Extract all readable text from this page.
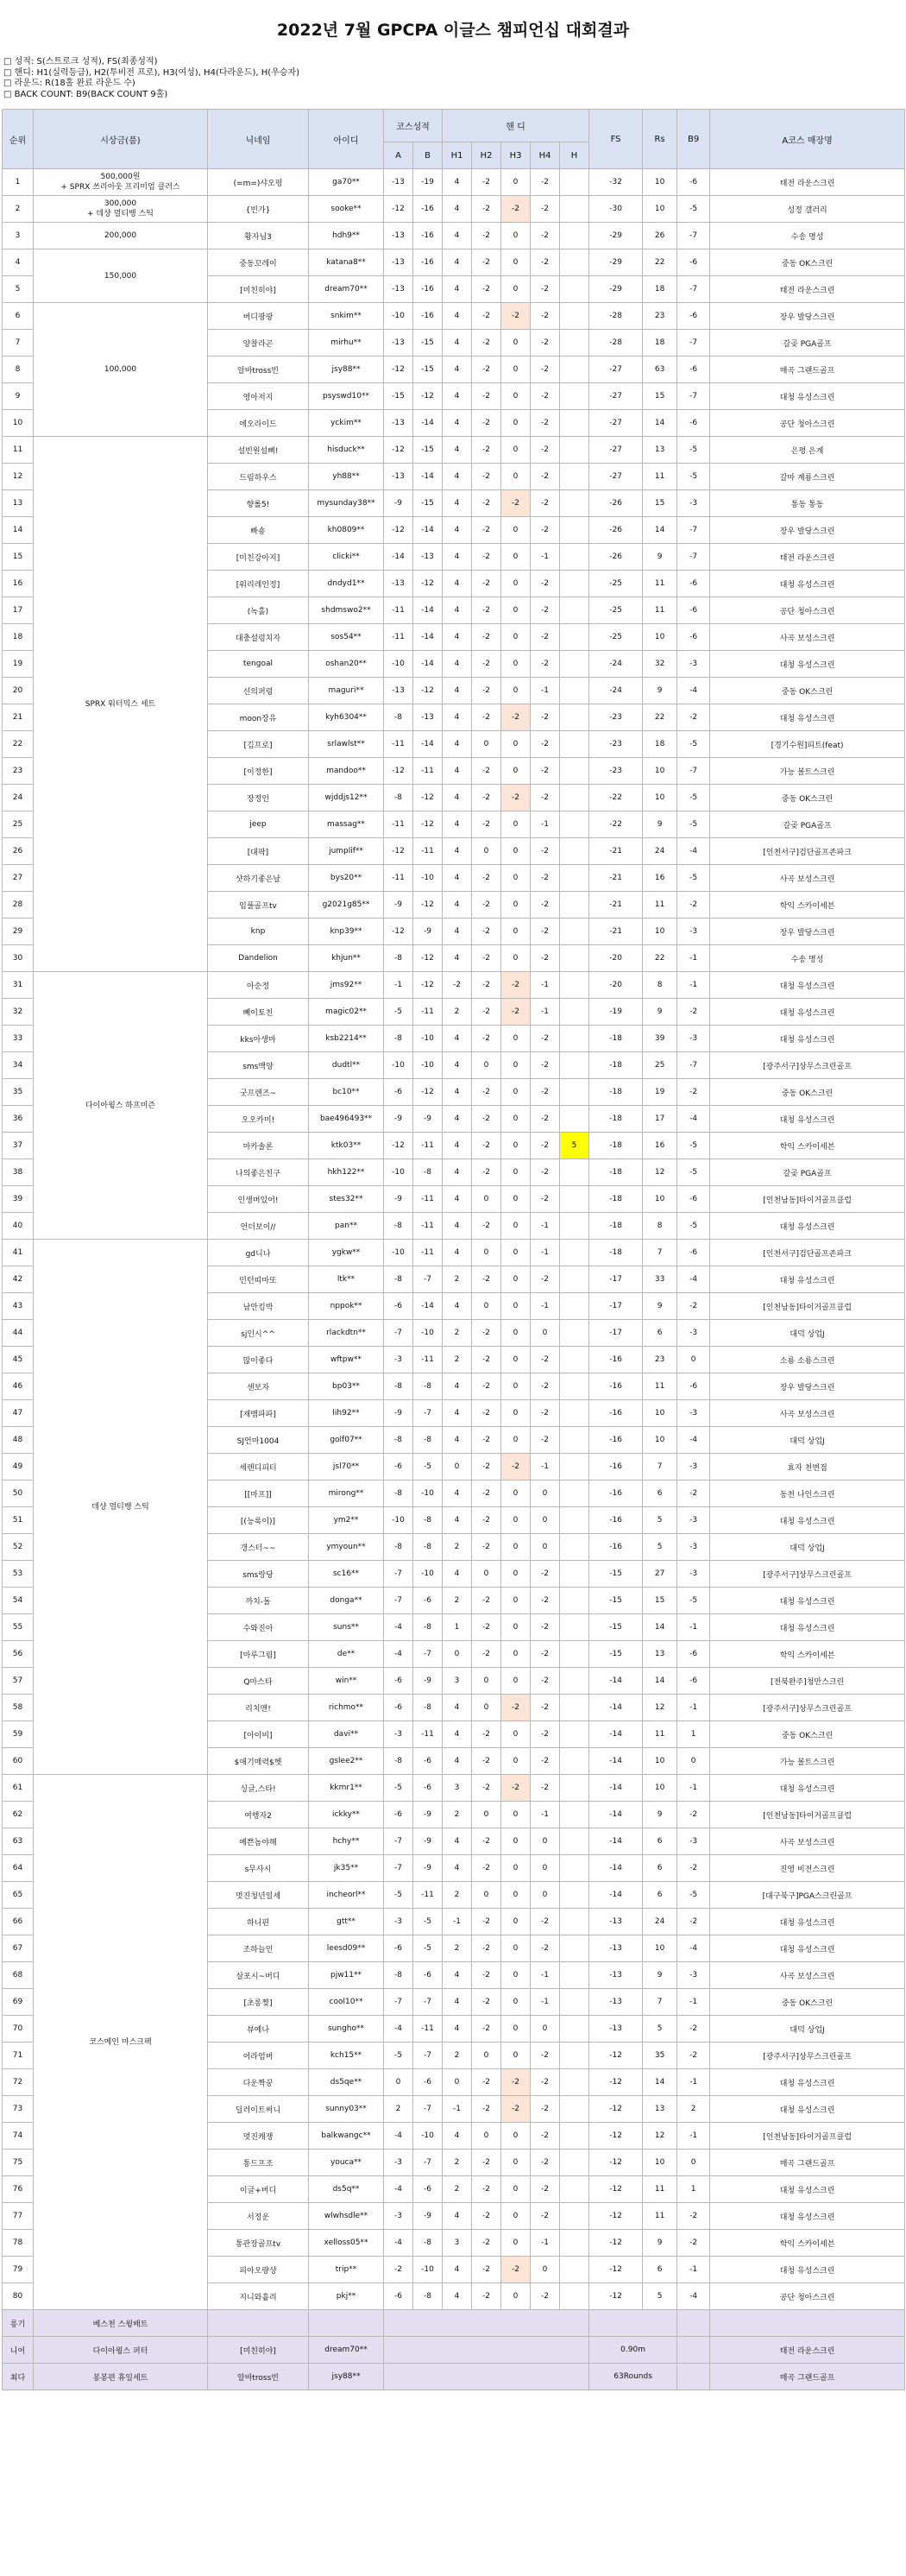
2022년 7월 GPCPA 이글스 챔피언십 대회결과
□ 성적: S(스트로크 성적), FS(최종성적)
□ 핸디: H1(실력등급), H2(투비전 프로), H3(여성), H4(다라운드), H(우승자)
□ 라운드: R(18홀 완료 라운드 수)
□ BACK COUNT: B9(BACK COUNT 9홀)
순위	시상금(품)	닉네임	아이디	코스성적		핸 디					FS	Rs	B9	A코스 매장명
				A	B	H1	H2	H3	H4	H				
1	500,000원
+ SPRX 쓰리아웃 프리미엄 클러스	(=m=)샤오펑	ga70**	-13	-19	4	-2	0	-2		-32	10	-6	태전 라운스크린
2	300,000
+ 데샹 멀티뱅 스틱	{빈가}	sooke**	-12	-16	4	-2	-2	-2		-30	10	-5	성정 갤러리
3	200,000	황자님3	hdh9**	-13	-16	4	-2	0	-2		-29	26	-7	수송 명성
4	150,000	중동꼬레이	katana8**	-13	-16	4	-2	0	-2		-29	22	-6	중동 OK스크린
5		[미친히야]	dream70**	-13	-16	4	-2	0	-2		-29	18	-7	태전 라운스크린
6	100,000	버디팡팡	snkim**	-10	-16	4	-2	-2	-2		-28	23	-6	장우 발당스크린
7		양찰라곤	mirhu**	-13	-15	4	-2	0	-2		-28	18	-7	갈곶 PGA골프
8		알바tross빈	jsy88**	-12	-15	4	-2	0	-2		-27	63	-6	매곡 그랜드골프
9		영아저지	psyswd10**	-15	-12	4	-2	0	-2		-27	15	-7	대청 유성스크린
10		에오라이드	yckim**	-13	-14	4	-2	0	-2		-27	14	-6	공단 청아스크린
11	SPRX 워터믹스 세트	설빈원설뼈!	hisduck**	-12	-15	4	-2	0	-2		-27	13	-5	은평 은계
12		드림하우스	yh88**	-13	-14	4	-2	0	-2		-27	11	-5	갈마 계룡스크린
13		향롤5!	mysunday38**	-9	-15	4	-2	-2	-2		-26	15	-3	통동 통동
14		빠숑	kh0809**	-12	-14	4	-2	0	-2		-26	14	-7	장우 발당스크린
15		[미친강아지]	clicki**	-14	-13	4	-2	0	-1		-26	9	-7	태전 라운스크린
16		[워리레인정]	dndyd1**	-13	-12	4	-2	0	-2		-25	11	-6	대청 유성스크린
17		(녹홀)	shdmswo2**	-11	-14	4	-2	0	-2		-25	11	-6	공단 청아스크린
18		대충설렁치자	sos54**	-11	-14	4	-2	0	-2		-25	10	-6	사곡 보성스크린
19		tengoal	oshan20**	-10	-14	4	-2	0	-2		-24	32	-3	대청 유성스크린
20		신의퍼렁	maguri**	-13	-12	4	-2	0	-1		-24	9	-4	중동 OK스크린
21		moon장유	kyh6304**	-8	-13	4	-2	-2	-2		-23	22	-2	대청 유성스크린
22		[김프로]	srlawlst**	-11	-14	4	0	0	-2		-23	18	-5	[경기수원]피트(feat)
23		[이정한]	mandoo**	-12	-11	4	-2	0	-2		-23	10	-7	가능 볼트스크린
24		장정인	wjddjs12**	-8	-12	4	-2	-2	-2		-22	10	-5	중동 OK스크린
25		jeep	massag**	-11	-12	4	-2	0	-1		-22	9	-5	갈곶 PGA골프
26		[대팍]	jumplif**	-12	-11	4	0	0	-2		-21	24	-4	[인천서구]검단골프존파크
27		샷하기좋은날	bys20**	-11	-10	4	-2	0	-2		-21	16	-5	사곡 보성스크린
28		임풀골프tv	g2021g85**	-9	-12	4	-2	0	-2		-21	11	-2	학익 스카이세븐
29		knp	knp39**	-12	-9	4	-2	0	-2		-21	10	-3	장우 발당스크린
30		Dandelion	khjun**	-8	-12	4	-2	0	-2		-20	22	-1	수송 명성
31	다이아윙스 하프미즌	아순정	jms92**	-1	-12	-2	-2	-2	-1		-20	8	-1	대청 유성스크린
32		빼이토친	magic02**	-5	-11	2	-2	-2	-1		-19	9	-2	대청 유성스크린
33		kks아생마	ksb2214**	-8	-10	4	-2	0	-2		-18	39	-3	대청 유성스크린
34		sms백양	dudtl**	-10	-10	4	0	0	-2		-18	25	-7	[광주서구]상무스크린골프
35		굿프렌즈~	bc10**	-6	-12	4	-2	0	-2		-18	19	-2	중동 OK스크린
36		오오카미!	bae496493**	-9	-9	4	-2	0	-2		-18	17	-4	대청 유성스크린
37		마카솔론	ktk03**	-12	-11	4	-2	0	-2	5	-18	16	-5	학익 스카이세븐
38		나의좋은친구	hkh122**	-10	-8	4	-2	0	-2		-18	12	-5	갈곶 PGA골프
39		인생머있어!	stes32**	-9	-11	4	0	0	-2		-18	10	-6	[인천남동]타이거골프클럽
40		언더보이//	pan**	-8	-11	4	-2	0	-1		-18	8	-5	대청 유성스크린
41	데샹 멀티뱅 스틱	gd니나	ygkw**	-10	-11	4	0	0	-1		-18	7	-6	[인천서구]검단골프존파크
42		민턴띠마또	ltk**	-8	-7	2	-2	0	-2		-17	33	-4	대청 유성스크린
43		남안킹박	nppok**	-6	-14	4	0	0	-1		-17	9	-2	[인천남동]타이거골프클럽
44		sj인시^^	rlackdtn**	-7	-10	2	-2	0	0		-17	6	-3	대덕 상업J
45		많이좋다	wftpw**	-3	-11	2	-2	0	-2		-16	23	0	소룡 소룡스크린
46		센보자	bp03**	-8	-8	4	-2	0	-2		-16	11	-6	장우 발당스크린
47		[재뱀파파]	lih92**	-9	-7	4	-2	0	-2		-16	10	-3	사곡 보성스크린
48		SJ언마1004	golf07**	-8	-8	4	-2	0	-2		-16	10	-4	대덕 상업J
49		세렌디피티	jsl70**	-6	-5	0	-2	-2	-1		-16	7	-3	효자 천변점
50		[[마프]]	mirong**	-8	-10	4	-2	0	0		-16	6	-2	동천 나인스크린
51		[(능록이)]	ym2**	-10	-8	4	-2	0	0		-16	5	-3	대청 유성스크린
52		갱스터~~	ymyoun**	-8	-8	2	-2	0	0		-16	5	-3	대덕 상업J
53		sms랑당	sc16**	-7	-10	4	0	0	-2		-15	27	-3	[광주서구]상무스크린골프
54		까치-돌	donga**	-7	-6	2	-2	0	-2		-15	15	-5	대청 유성스크린
55		수와진아	suns**	-4	-8	1	-2	0	-2		-15	14	-1	대청 유성스크린
56		[마루그림]	de**	-4	-7	0	-2	0	-2		-15	13	-6	학익 스카이세븐
57		Q마스타	win**	-6	-9	3	0	0	-2		-14	14	-6	[전북완주]청만스크린
58		리치맨!	richmo**	-6	-8	4	0	-2	-2		-14	12	-1	[광주서구]상무스크린골프
59		[아이비]	davi**	-3	-11	4	-2	0	-2		-14	11	1	중동 OK스크린
60		$애기매력$헷	gslee2**	-8	-6	4	-2	0	-2		-14	10	0	가능 볼트스크린
61	코스메인 마스크팩	싱글,스타!	kkmr1**	-5	-6	3	-2	-2	-2		-14	10	-1	대청 유성스크린
62		여행자2	ickky**	-6	-9	2	0	0	-1		-14	9	-2	[인천남동]타이거골프클럽
63		예쁜놈야해	hchy**	-7	-9	4	-2	0	0		-14	6	-3	사곡 보성스크린
64		s무사시	jk35**	-7	-9	4	-2	0	0		-14	6	-2	진영 비전스크린
65		멋진청년일세	incheorl**	-5	-11	2	0	0	0		-14	6	-5	[대구북구]PGA스크린골프
66		하니핀	gtt**	-3	-5	-1	-2	0	-2		-13	24	-2	대청 유성스크린
67		조하늘인	leesd09**	-6	-5	2	-2	0	-2		-13	10	-4	대청 유성스크린
68		살포시~버디	pjw11**	-8	-6	4	-2	0	-1		-13	9	-3	사곡 보성스크린
69		[초롱찢]	cool10**	-7	-7	4	-2	0	-1		-13	7	-1	중동 OK스크린
70		뷰예나	sungho**	-4	-11	4	-2	0	0		-13	5	-2	대덕 상업J
71		어라엄버	kch15**	-5	-7	2	0	0	-2		-12	35	-2	[광주서구]상무스크린골프
72		다운짝꿍	ds5qe**	0	-6	0	-2	-2	-2		-12	14	-1	대청 유성스크린
73		딜러이트써니	sunny03**	2	-7	-1	-2	-2	-2		-12	13	2	대청 유성스크린
74		멋진캐쟁	balkwangc**	-4	-10	4	0	0	-2		-12	12	-1	[인천남동]타이거골프클럽
75		통드프조	youca**	-3	-7	2	-2	0	-2		-12	10	0	매곡 그랜드골프
76		이글+버디	ds5q**	-4	-6	2	-2	0	-2		-12	11	1	대청 유성스크린
77		서정운	wlwhsdle**	-3	-9	4	-2	0	-2		-12	11	-2	대청 유성스크린
78		통관장골프tv	xelloss05**	-4	-8	3	-2	0	-1		-12	9	-2	학익 스카이세븐
79		피아오량샹	trip**	-2	-10	4	-2	-2	0		-12	6	-1	대청 유성스크린
80		지니와흩리	pkj**	-6	-8	4	-2	0	-2		-12	5	-4	공단 청아스크린
롱기	베스천 스윙배트													
니어	다이아윙스 퍼터	[미친히야]	dream70**								0.90m			태전 라운스크린
최다	봉봉편 휴일세트	알바tross빈	jsy88**								63Rounds			매곡 그랜드골프
